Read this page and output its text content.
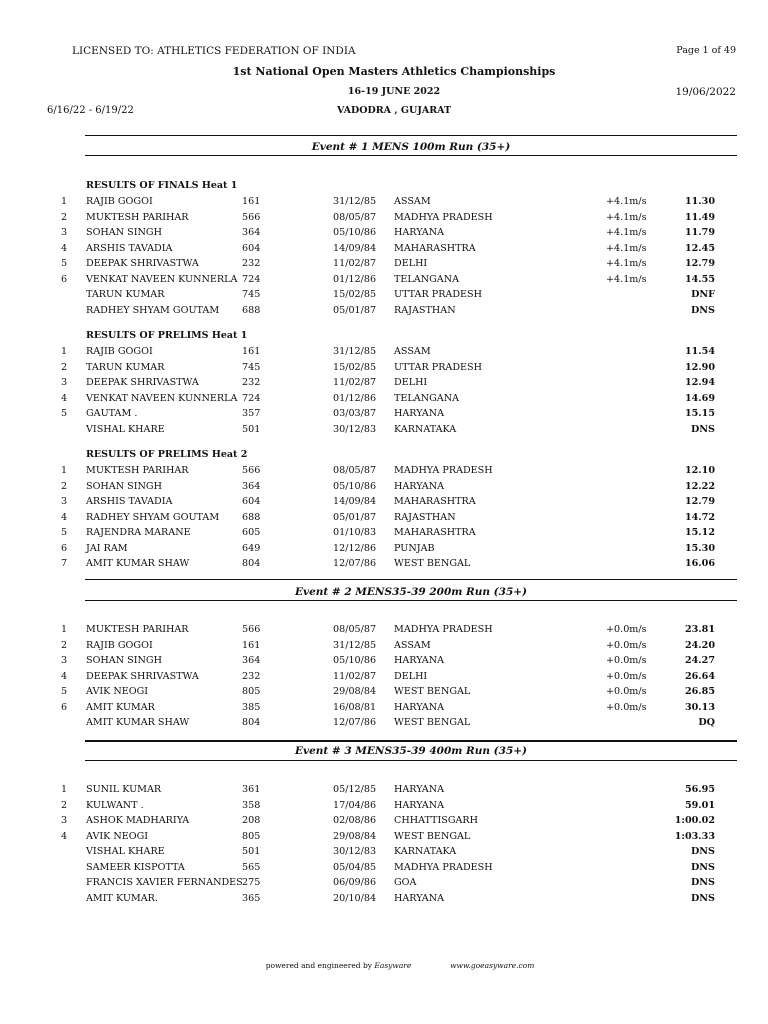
LICENSED TO: ATHLETICS FEDERATION OF INDIA	Page 1 of 49
1st National Open Masters Athletics Championships
16-19 JUNE 2022	19/06/2022
6/16/22 - 6/19/22	VADODRA , GUJARAT
Event # 1 MENS 100m Run (35+)
RESULTS OF FINALS Heat 1
1	RAJIB GOGOI	161	31/12/85 ASSAM	+4.1m/s	11.30
2	MUKTESH PARIHAR	566	08/05/87 MADHYA PRADESH	+4.1m/s	11.49
3	SOHAN SINGH	364	05/10/86 HARYANA	+4.1m/s	11.79
4	ARSHIS TAVADIA	604	14/09/84 MAHARASHTRA	+4.1m/s	12.45
5	DEEPAK SHRIVASTWA	232	11/02/87 DELHI	+4.1m/s	12.79
6	VENKAT NAVEEN KUNNERLA 724	01/12/86 TELANGANA	+4.1m/s	14.55
TARUN KUMAR	745	15/02/85 UTTAR PRADESH	DNF
RADHEY SHYAM GOUTAM 688	05/01/87 RAJASTHAN	DNS
RESULTS OF PRELIMS Heat 1
1	RAJIB GOGOI	161	31/12/85 ASSAM	11.54
2	TARUN KUMAR	745	15/02/85 UTTAR PRADESH	12.90
3	DEEPAK SHRIVASTWA	232	11/02/87 DELHI	12.94
4	VENKAT NAVEEN KUNNERLA 724	01/12/86 TELANGANA	14.69
5	GAUTAM .	357	03/03/87 HARYANA	15.15
VISHAL KHARE	501	30/12/83 KARNATAKA	DNS
RESULTS OF PRELIMS Heat 2
1	MUKTESH PARIHAR	566	08/05/87 MADHYA PRADESH	12.10
2	SOHAN SINGH	364	05/10/86 HARYANA	12.22
3	ARSHIS TAVADIA	604	14/09/84 MAHARASHTRA	12.79
4	RADHEY SHYAM GOUTAM 688	05/01/87 RAJASTHAN	14.72
5	RAJENDRA MARANE	605	01/10/83 MAHARASHTRA	15.12
6	JAI RAM	649	12/12/86 PUNJAB	15.30
7	AMIT KUMAR SHAW	804	12/07/86 WEST BENGAL	16.06
Event # 2 MENS35-39 200m Run (35+)
1	MUKTESH PARIHAR	566	08/05/87 MADHYA PRADESH	+0.0m/s	23.81
2	RAJIB GOGOI	161	31/12/85 ASSAM	+0.0m/s	24.20
3	SOHAN SINGH	364	05/10/86 HARYANA	+0.0m/s	24.27
4	DEEPAK SHRIVASTWA	232	11/02/87 DELHI	+0.0m/s	26.64
5	AVIK NEOGI	805	29/08/84 WEST BENGAL	+0.0m/s	26.85
6	AMIT KUMAR	385	16/08/81 HARYANA	+0.0m/s	30.13
AMIT KUMAR SHAW	804	12/07/86 WEST BENGAL	DQ
Event # 3 MENS35-39 400m Run (35+)
1	SUNIL KUMAR	361	05/12/85 HARYANA	56.95
2	KULWANT .	358	17/04/86 HARYANA	59.01
3	ASHOK MADHARIYA	208	02/08/86 CHHATTISGARH	1:00.02
4	AVIK NEOGI	805	29/08/84 WEST BENGAL	1:03.33
VISHAL KHARE	501	30/12/83 KARNATAKA	DNS
SAMEER KISPOTTA	565	05/04/85 MADHYA PRADESH	DNS
FRANCIS XAVIER FERNANDES 275	06/09/86 GOA	DNS
AMIT KUMAR.	365	20/10/84 HARYANA	DNS
powered and engineered by Easyware	www.goeasyware.com
